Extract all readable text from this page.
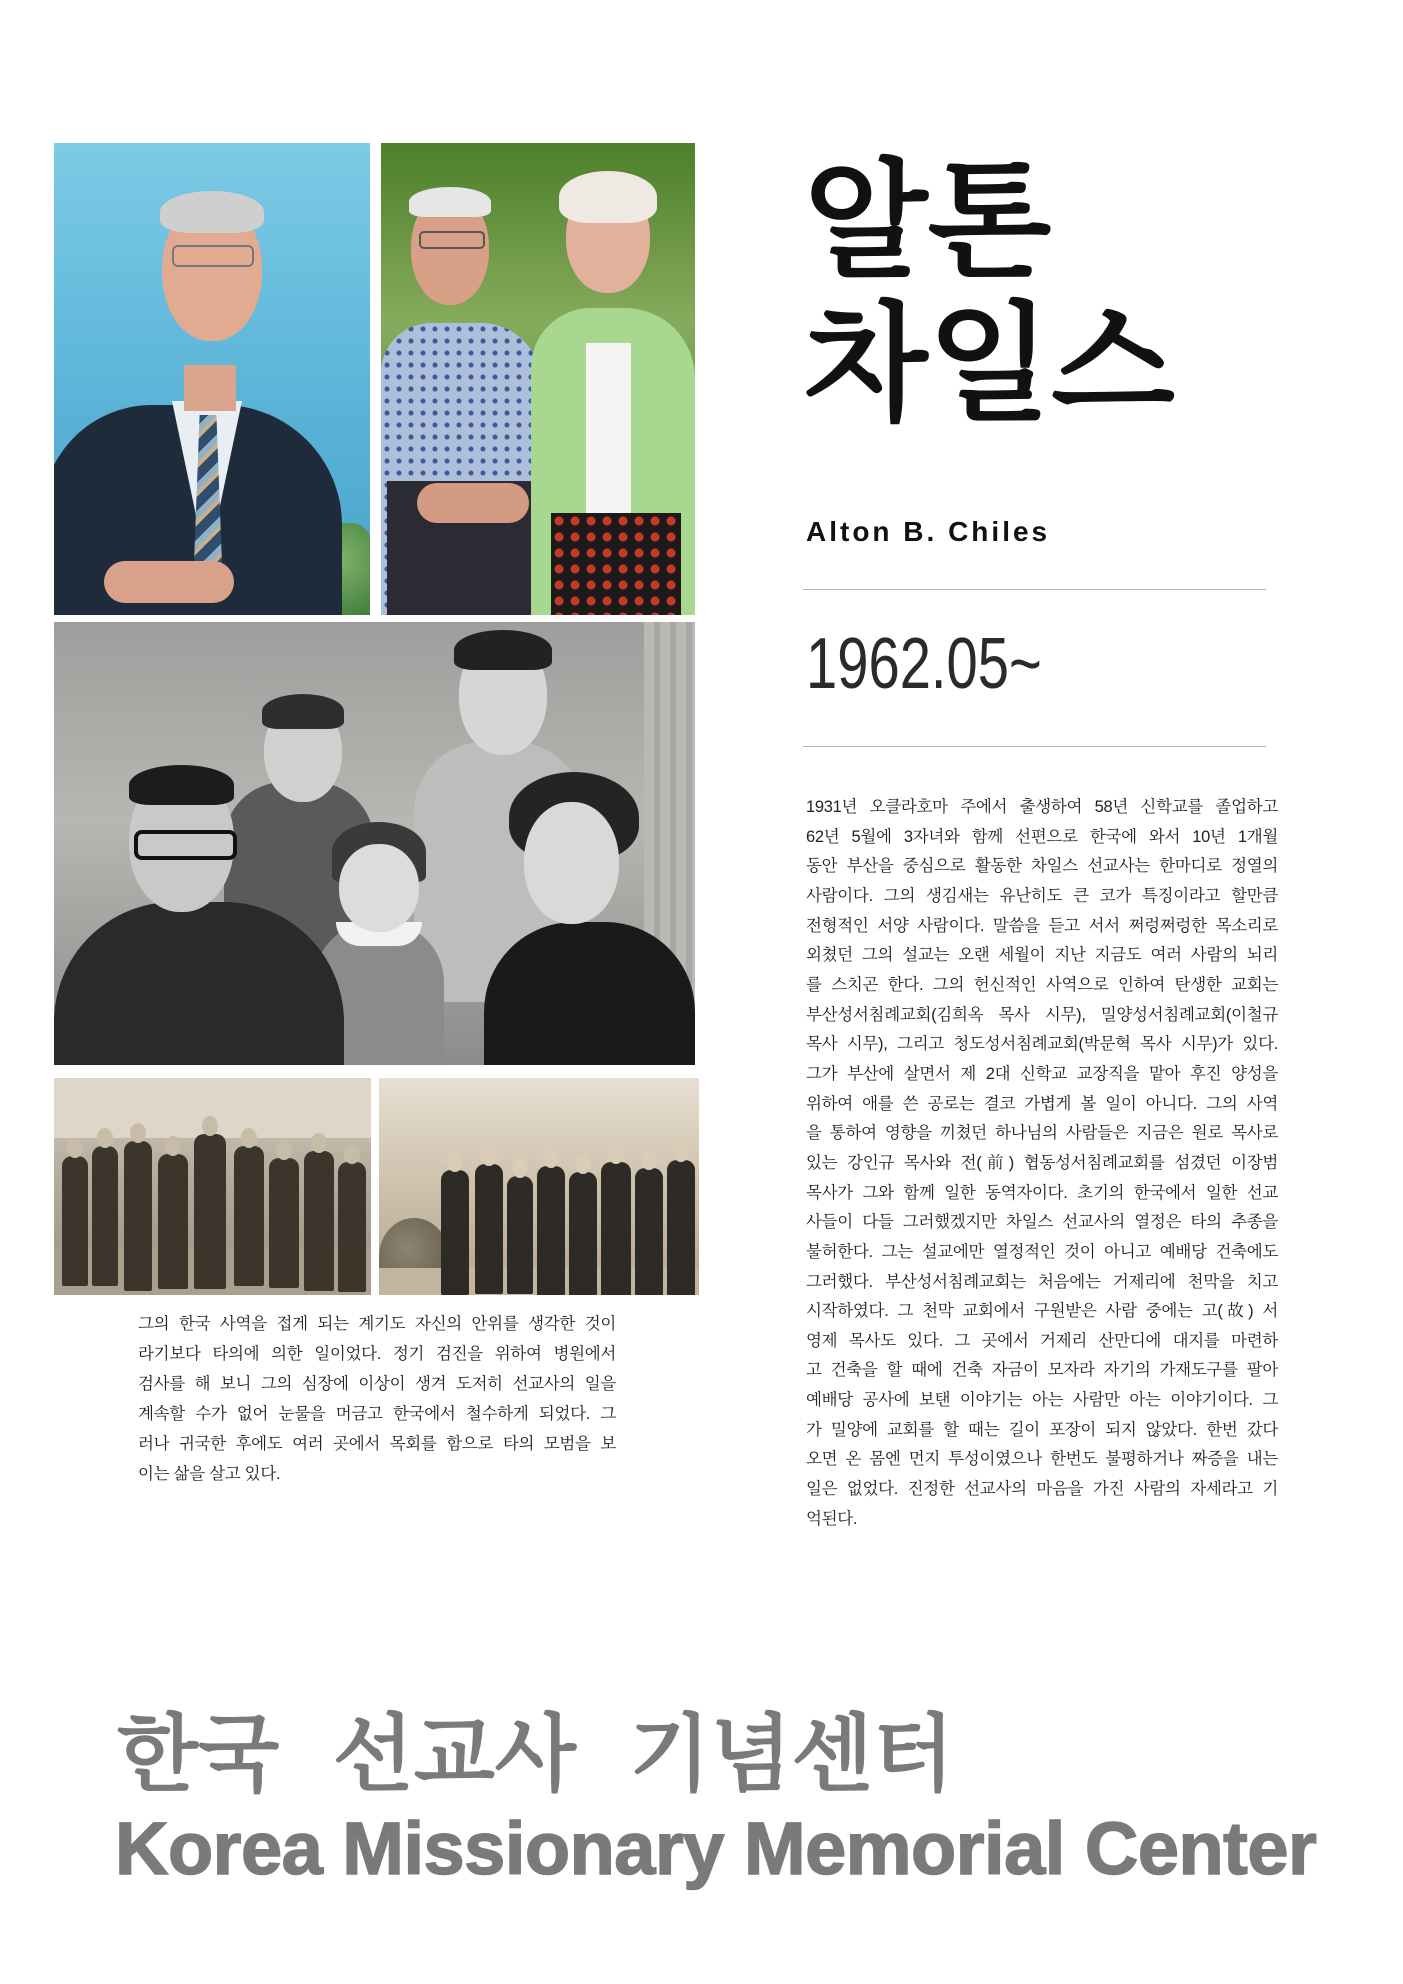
알톤
차일스
Alton B. Chiles
1962.05~
1931년 오클라호마 주에서 출생하여 58년 신학교를 졸업하고
62년 5월에 3자녀와 함께 선편으로 한국에 와서 10년 1개월
동안 부산을 중심으로 활동한 차일스 선교사는 한마디로 정열의
사람이다. 그의 생김새는 유난히도 큰 코가 특징이라고 할만큼
전형적인 서양 사람이다. 말씀을 듣고 서서 쩌렁쩌렁한 목소리로
외쳤던 그의 설교는 오랜 세월이 지난 지금도 여러 사람의 뇌리
를 스치곤 한다. 그의 헌신적인 사역으로 인하여 탄생한 교회는
부산성서침례교회(김희옥 목사 시무), 밀양성서침례교회(이철규
목사 시무), 그리고 청도성서침례교회(박문혁 목사 시무)가 있다.
그가 부산에 살면서 제 2대 신학교 교장직을 맡아 후진 양성을
위하여 애를 쓴 공로는 결코 가볍게 볼 일이 아니다. 그의 사역
을 통하여 영향을 끼쳤던 하나님의 사람들은 지금은 원로 목사로
있는 강인규 목사와 전(前) 협동성서침례교회를 섬겼던 이장범
목사가 그와 함께 일한 동역자이다. 초기의 한국에서 일한 선교
사들이 다들 그러했겠지만 차일스 선교사의 열정은 타의 추종을
불허한다. 그는 설교에만 열정적인 것이 아니고 예배당 건축에도
그러했다. 부산성서침례교회는 처음에는 거제리에 천막을 치고
시작하였다. 그 천막 교회에서 구원받은 사람 중에는 고(故) 서
영제 목사도 있다. 그 곳에서 거제리 산만디에 대지를 마련하
고 건축을 할 때에 건축 자금이 모자라 자기의 가재도구를 팔아
예배당 공사에 보탠 이야기는 아는 사람만 아는 이야기이다. 그
가 밀양에 교회를 할 때는 길이 포장이 되지 않았다. 한번 갔다
오면 온 몸엔 먼지 투성이였으나 한번도 불평하거나 짜증을 내는
일은 없었다. 진정한 선교사의 마음을 가진 사람의 자세라고 기
억된다.
그의 한국 사역을 접게 되는 계기도 자신의 안위를 생각한 것이
라기보다 타의에 의한 일이었다. 정기 검진을 위하여 병원에서
검사를 해 보니 그의 심장에 이상이 생겨 도저히 선교사의 일을
계속할 수가 없어 눈물을 머금고 한국에서 철수하게 되었다. 그
러나 귀국한 후에도 여러 곳에서 목회를 함으로 타의 모범을 보
이는 삶을 살고 있다.
한국 선교사 기념센터
Korea Missionary Memorial Center
